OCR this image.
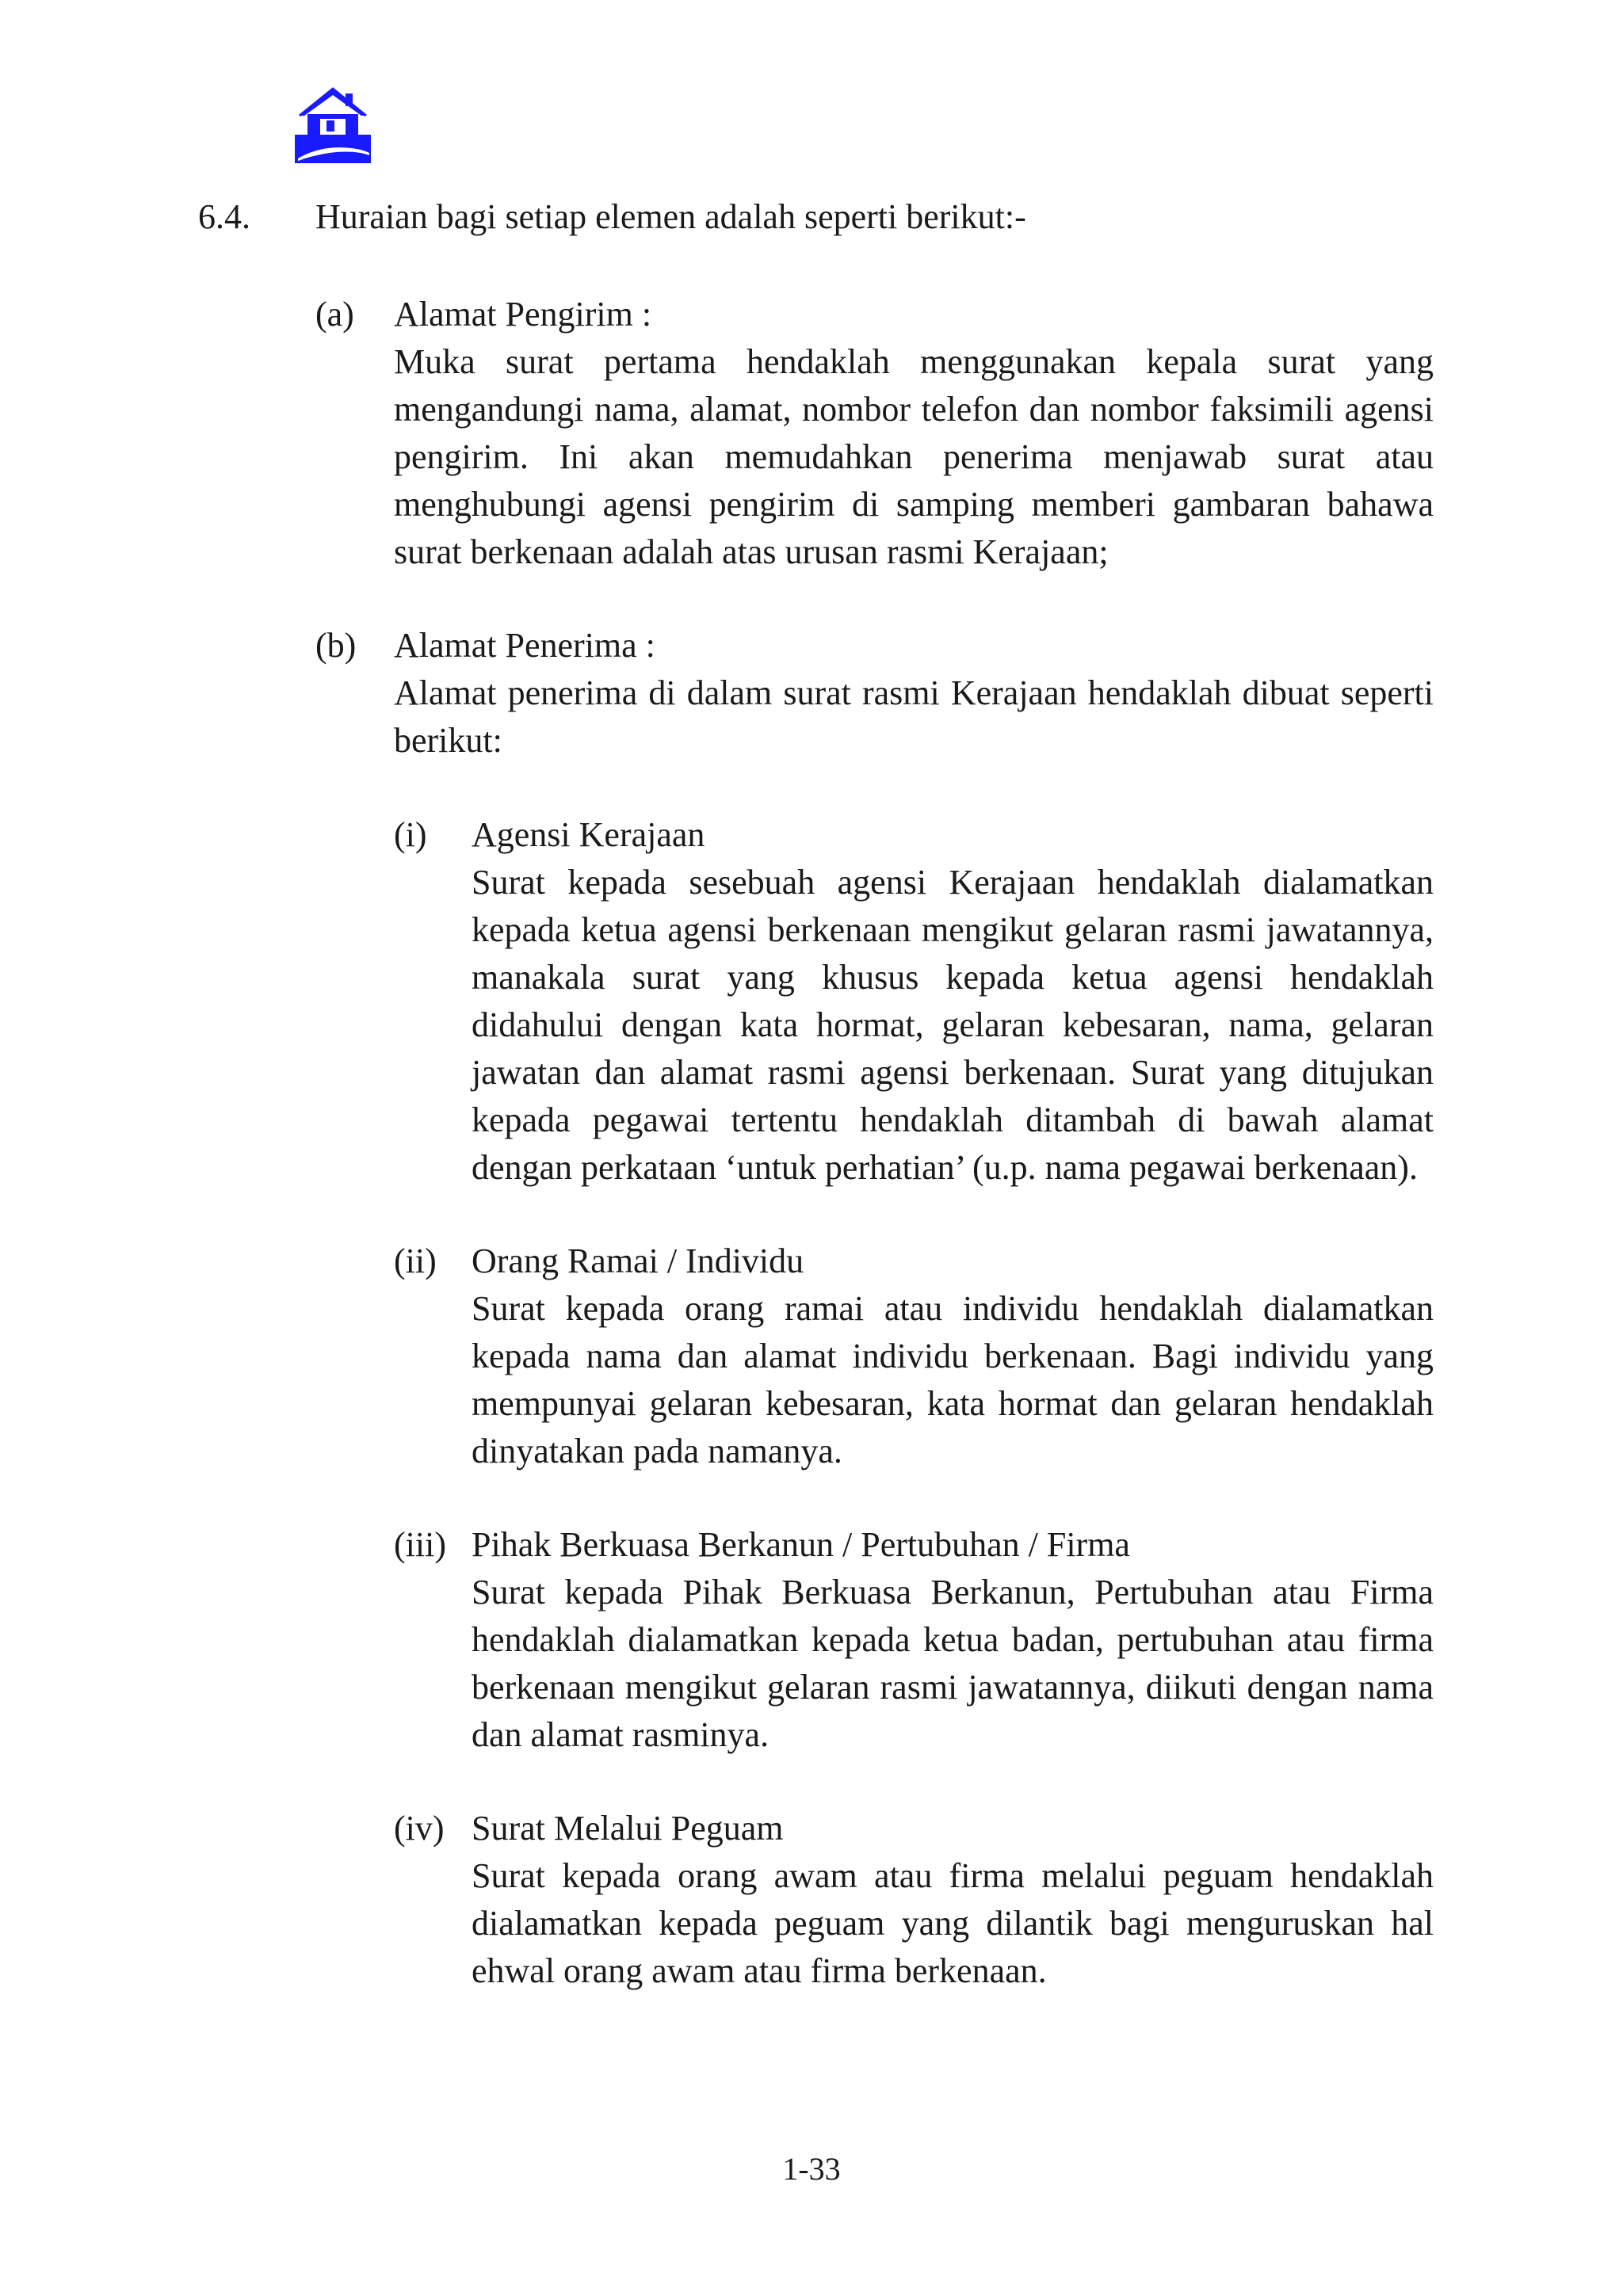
6.4. Huraian bagi setiap elemen adalah seperti berikut:-
(a) Alamat Pengirim :
Muka surat pertama hendaklah menggunakan kepala surat yang mengandungi nama, alamat, nombor telefon dan nombor faksimili agensi pengirim. Ini akan memudahkan penerima menjawab surat atau menghubungi agensi pengirim di samping memberi gambaran bahawa surat berkenaan adalah atas urusan rasmi Kerajaan;
(b) Alamat Penerima :
Alamat penerima di dalam surat rasmi Kerajaan hendaklah dibuat seperti berikut:
(i) Agensi Kerajaan
Surat kepada sesebuah agensi Kerajaan hendaklah dialamatkan kepada ketua agensi berkenaan mengikut gelaran rasmi jawatannya, manakala surat yang khusus kepada ketua agensi hendaklah didahului dengan kata hormat, gelaran kebesaran, nama, gelaran jawatan dan alamat rasmi agensi berkenaan. Surat yang ditujukan kepada pegawai tertentu hendaklah ditambah di bawah alamat dengan perkataan ‘untuk perhatian’ (u.p. nama pegawai berkenaan).
(ii) Orang Ramai / Individu
Surat kepada orang ramai atau individu hendaklah dialamatkan kepada nama dan alamat individu berkenaan. Bagi individu yang mempunyai gelaran kebesaran, kata hormat dan gelaran hendaklah dinyatakan pada namanya.
(iii) Pihak Berkuasa Berkanun / Pertubuhan / Firma
Surat kepada Pihak Berkuasa Berkanun, Pertubuhan atau Firma hendaklah dialamatkan kepada ketua badan, pertubuhan atau firma berkenaan mengikut gelaran rasmi jawatannya, diikuti dengan nama dan alamat rasminya.
(iv) Surat Melalui Peguam
Surat kepada orang awam atau firma melalui peguam hendaklah dialamatkan kepada peguam yang dilantik bagi menguruskan hal ehwal orang awam atau firma berkenaan.
1-33
